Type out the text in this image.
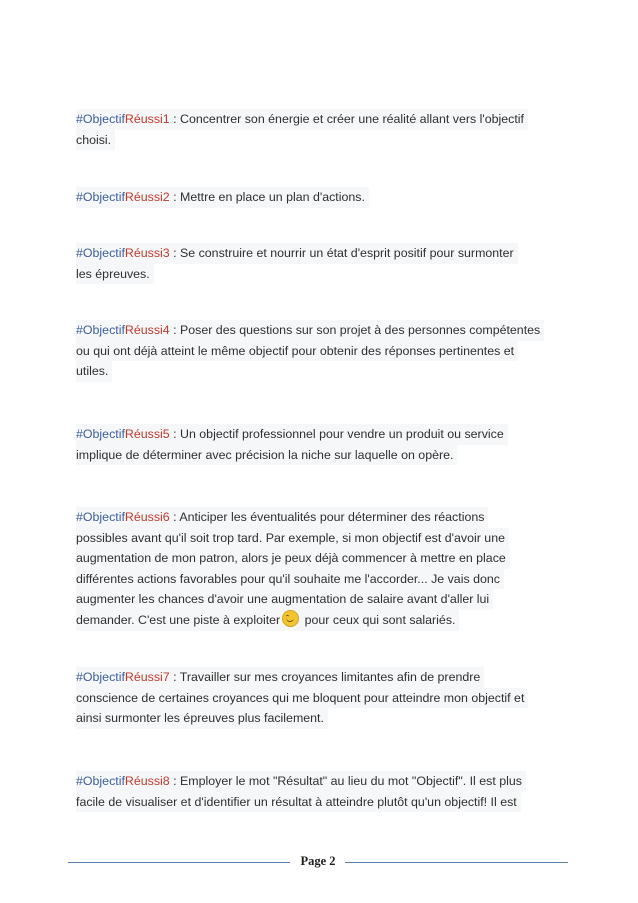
#ObjectifRéussi1 : Concentrer son énergie et créer une réalité allant vers l'objectif
choisi.
#ObjectifRéussi2 : Mettre en place un plan d'actions.
#ObjectifRéussi3 : Se construire et nourrir un état d'esprit positif pour surmonter
les épreuves.
#ObjectifRéussi4 : Poser des questions sur son projet à des personnes compétentes
ou qui ont déjà atteint le même objectif pour obtenir des réponses pertinentes et
utiles.
#ObjectifRéussi5 : Un objectif professionnel pour vendre un produit ou service
implique de déterminer avec précision la niche sur laquelle on opère.
#ObjectifRéussi6 : Anticiper les éventualités pour déterminer des réactions
possibles avant qu'il soit trop tard. Par exemple, si mon objectif est d'avoir une
augmentation de mon patron, alors je peux déjà commencer à mettre en place
différentes actions favorables pour qu'il souhaite me l'accorder... Je vais donc
augmenter les chances d'avoir une augmentation de salaire avant d'aller lui
demander. C'est une piste à exploiter pour ceux qui sont salariés.
#ObjectifRéussi7 : Travailler sur mes croyances limitantes afin de prendre
conscience de certaines croyances qui me bloquent pour atteindre mon objectif et
ainsi surmonter les épreuves plus facilement.
#ObjectifRéussi8 : Employer le mot "Résultat" au lieu du mot "Objectif". Il est plus
facile de visualiser et d'identifier un résultat à atteindre plutôt qu'un objectif! Il est
Page 2
